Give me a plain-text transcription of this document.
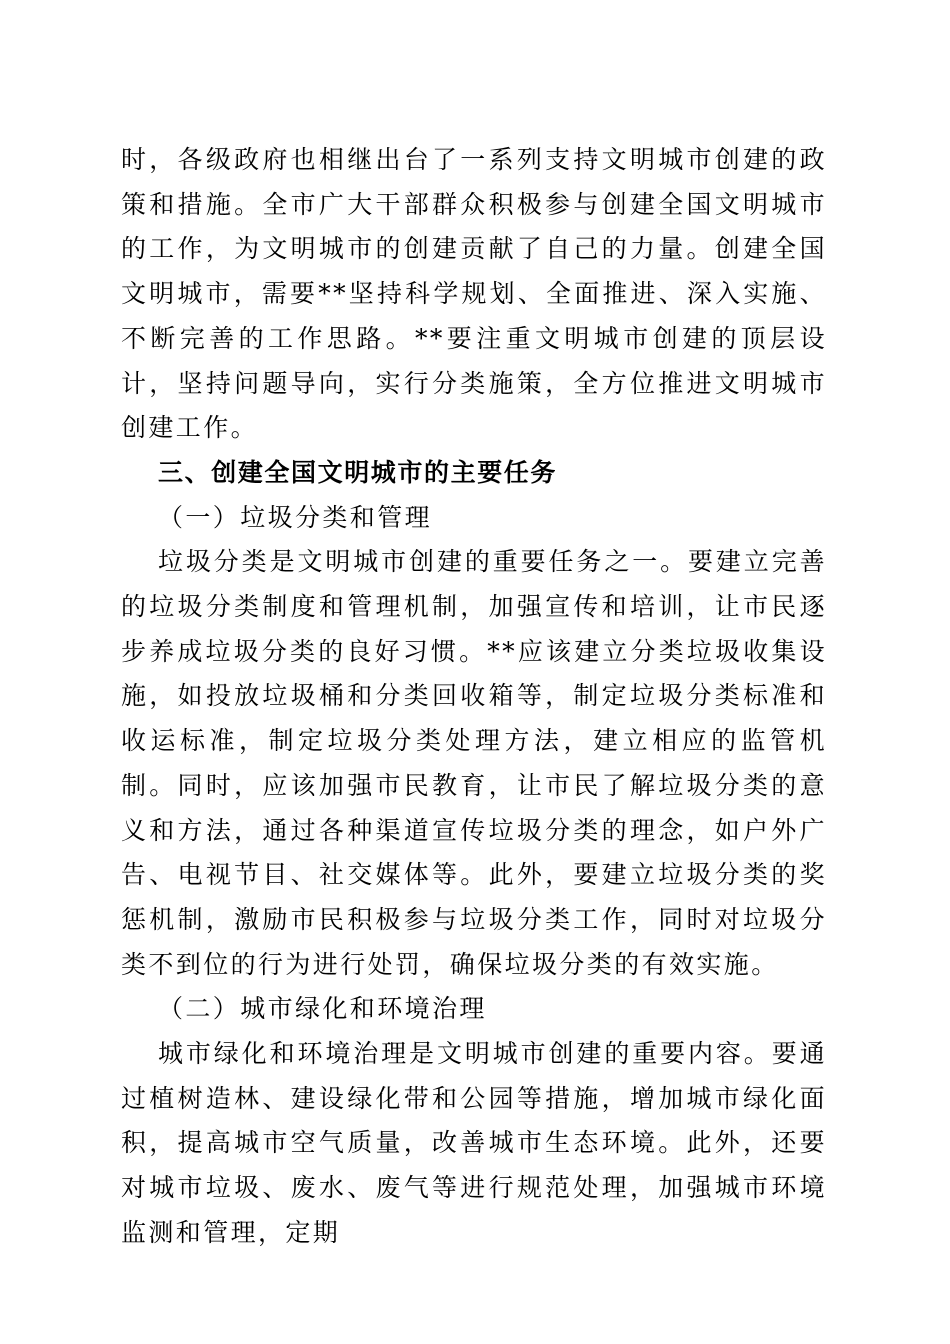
时，各级政府也相继出台了一系列支持文明城市创建的政策和措施。全市广大干部群众积极参与创建全国文明城市的工作，为文明城市的创建贡献了自己的力量。创建全国文明城市，需要**坚持科学规划、全面推进、深入实施、不断完善的工作思路。**要注重文明城市创建的顶层设计，坚持问题导向，实行分类施策，全方位推进文明城市创建工作。

三、创建全国文明城市的主要任务

（一）垃圾分类和管理

垃圾分类是文明城市创建的重要任务之一。要建立完善的垃圾分类制度和管理机制，加强宣传和培训，让市民逐步养成垃圾分类的良好习惯。**应该建立分类垃圾收集设施，如投放垃圾桶和分类回收箱等，制定垃圾分类标准和收运标准，制定垃圾分类处理方法，建立相应的监管机制。同时，应该加强市民教育，让市民了解垃圾分类的意义和方法，通过各种渠道宣传垃圾分类的理念，如户外广告、电视节目、社交媒体等。此外，要建立垃圾分类的奖惩机制，激励市民积极参与垃圾分类工作，同时对垃圾分类不到位的行为进行处罚，确保垃圾分类的有效实施。

（二）城市绿化和环境治理

城市绿化和环境治理是文明城市创建的重要内容。要通过植树造林、建设绿化带和公园等措施，增加城市绿化面积，提高城市空气质量，改善城市生态环境。此外，还要对城市垃圾、废水、废气等进行规范处理，加强城市环境监测和管理，定期
